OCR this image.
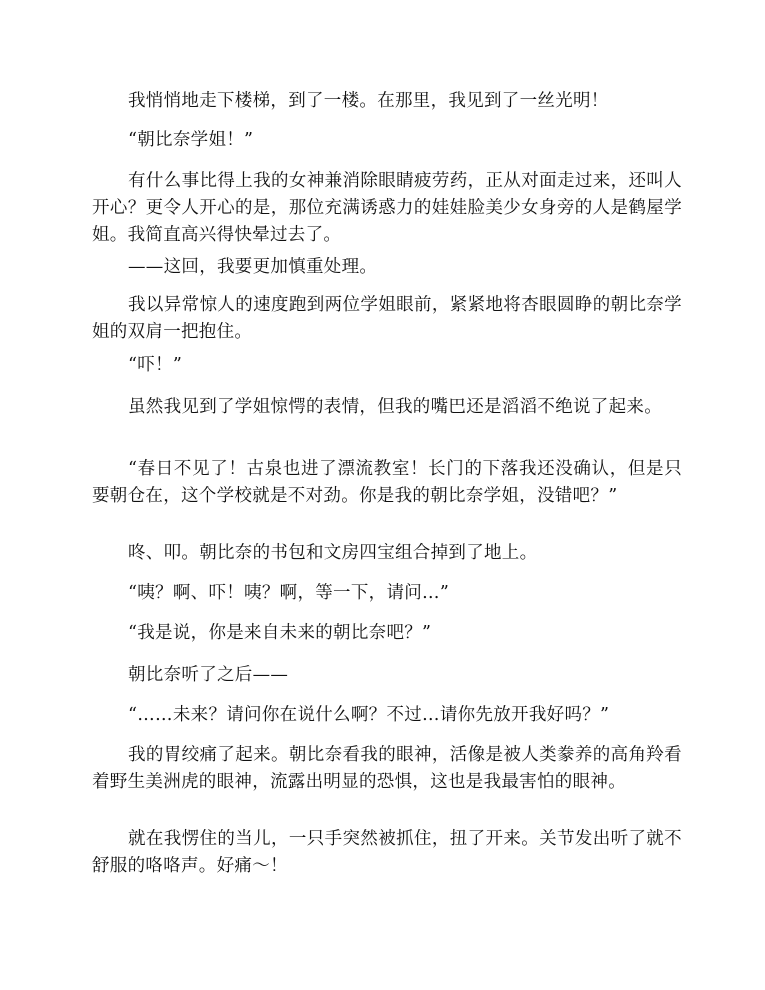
我悄悄地走下楼梯，到了一楼。在那里，我见到了一丝光明！

“朝比奈学姐！”

有什么事比得上我的女神兼消除眼睛疲劳药，正从对面走过来，还叫人开心？更令人开心的是，那位充满诱惑力的娃娃脸美少女身旁的人是鹤屋学姐。我简直高兴得快晕过去了。

——这回，我要更加慎重处理。

我以异常惊人的速度跑到两位学姐眼前，紧紧地将杏眼圆睁的朝比奈学姐的双肩一把抱住。

“吓！”

虽然我见到了学姐惊愕的表情，但我的嘴巴还是滔滔不绝说了起来。

“春日不见了！古泉也进了漂流教室！长门的下落我还没确认，但是只要朝仓在，这个学校就是不对劲。你是我的朝比奈学姐，没错吧？”

咚、叩。朝比奈的书包和文房四宝组合掉到了地上。

“咦？啊、吓！咦？啊，等一下，请问…”

“我是说，你是来自未来的朝比奈吧？”

朝比奈听了之后——

“……未来？请问你在说什么啊？不过…请你先放开我好吗？”

我的胃绞痛了起来。朝比奈看我的眼神，活像是被人类豢养的高角羚看着野生美洲虎的眼神，流露出明显的恐惧，这也是我最害怕的眼神。

就在我愣住的当儿，一只手突然被抓住，扭了开来。关节发出听了就不舒服的咯咯声。好痛～！
